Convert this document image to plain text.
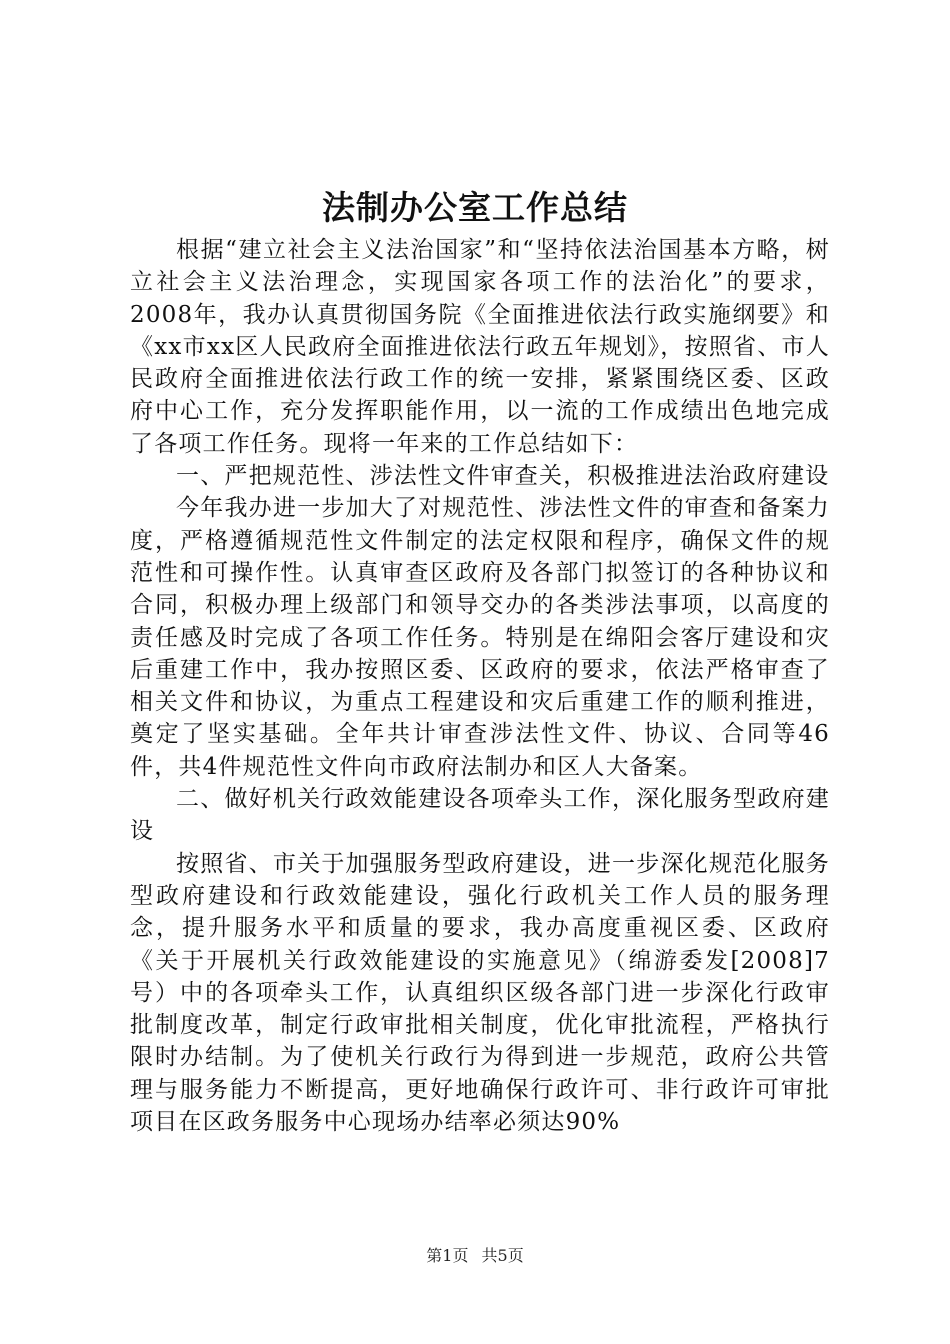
法制办公室工作总结

根据“建立社会主义法治国家”和“坚持依法治国基本方略，树立社会主义法治理念，实现国家各项工作的法治化”的要求，2008年，我办认真贯彻国务院《全面推进依法行政实施纲要》和《xx市xx区人民政府全面推进依法行政五年规划》，按照省、市人民政府全面推进依法行政工作的统一安排，紧紧围绕区委、区政府中心工作，充分发挥职能作用，以一流的工作成绩出色地完成了各项工作任务。现将一年来的工作总结如下：

一、严把规范性、涉法性文件审查关，积极推进法治政府建设

今年我办进一步加大了对规范性、涉法性文件的审查和备案力度，严格遵循规范性文件制定的法定权限和程序，确保文件的规范性和可操作性。认真审查区政府及各部门拟签订的各种协议和合同，积极办理上级部门和领导交办的各类涉法事项，以高度的责任感及时完成了各项工作任务。特别是在绵阳会客厅建设和灾后重建工作中，我办按照区委、区政府的要求，依法严格审查了相关文件和协议，为重点工程建设和灾后重建工作的顺利推进，奠定了坚实基础。全年共计审查涉法性文件、协议、合同等46件，共4件规范性文件向市政府法制办和区人大备案。

二、做好机关行政效能建设各项牵头工作，深化服务型政府建设

按照省、市关于加强服务型政府建设，进一步深化规范化服务型政府建设和行政效能建设，强化行政机关工作人员的服务理念，提升服务水平和质量的要求，我办高度重视区委、区政府《关于开展机关行政效能建设的实施意见》（绵游委发[2008]7号）中的各项牵头工作，认真组织区级各部门进一步深化行政审批制度改革，制定行政审批相关制度，优化审批流程，严格执行限时办结制。为了使机关行政行为得到进一步规范，政府公共管理与服务能力不断提高，更好地确保行政许可、非行政许可审批项目在区政务服务中心现场办结率必须达90%

第1页 共5页
